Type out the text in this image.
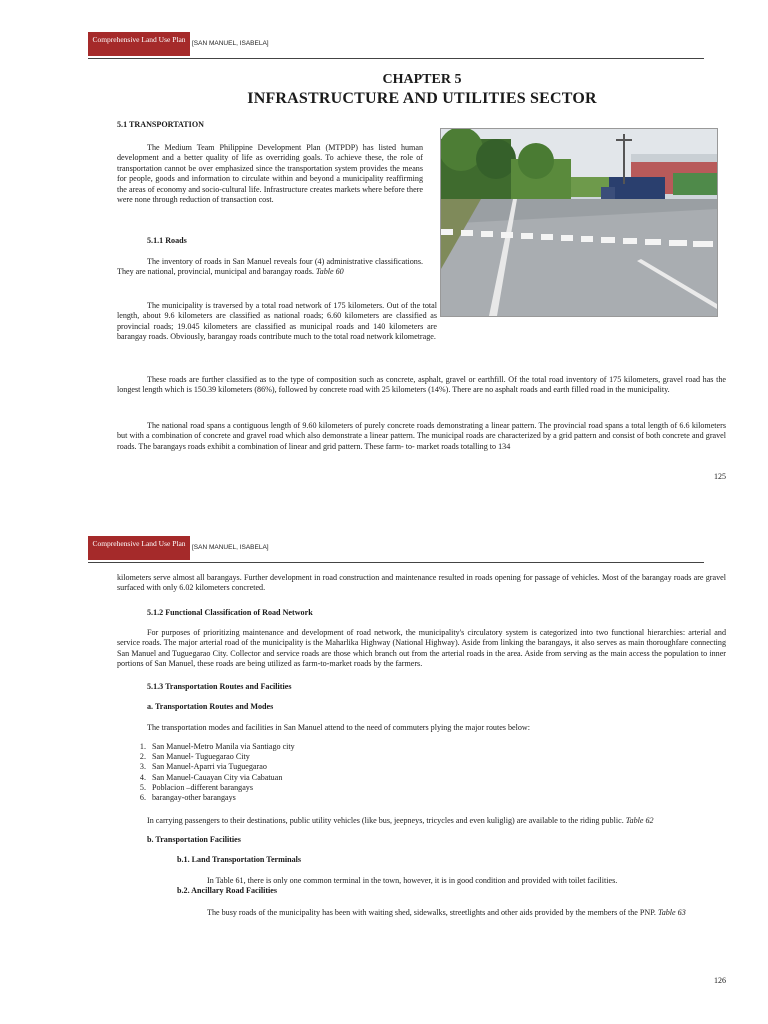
Comprehensive Land Use Plan [SAN MANUEL, ISABELA]
CHAPTER 5
INFRASTRUCTURE AND UTILITIES SECTOR
5.1 TRANSPORTATION
The Medium Team Philippine Development Plan (MTPDP) has listed human development and a better quality of life as overriding goals. To achieve these, the role of transportation cannot be over emphasized since the transportation system provides the means for people, goods and information to circulate within and beyond a municipality reaffirming the areas of economy and socio-cultural life. Infrastructure creates markets where before there were none through reduction of transaction cost.
5.1.1 Roads
The inventory of roads in San Manuel reveals four (4) administrative classifications. They are national, provincial, municipal and barangay roads. Table 60
The municipality is traversed by a total road network of 175 kilometers. Out of the total length, about 9.6 kilometers are classified as national roads; 6.60 kilometers are classified as provincial roads; 19.045 kilometers are classified as municipal roads and 140 kilometers are barangay roads. Obviously, barangay roads contribute much to the total road network kilometrage.
These roads are further classified as to the type of composition such as concrete, asphalt, gravel or earthfill. Of the total road inventory of 175 kilometers, gravel road has the longest length which is 150.39 kilometers (86%), followed by concrete road with 25 kilometers (14%). There are no asphalt roads and earth filled road in the municipality.
The national road spans a contiguous length of 9.60 kilometers of purely concrete roads demonstrating a linear pattern. The provincial road spans a total length of 6.6 kilometers but with a combination of concrete and gravel road which also demonstrate a linear pattern. The municipal roads are characterized by a grid pattern and consist of both concrete and gravel roads. The barangays roads exhibit a combination of linear and grid pattern. These farm- to- market roads totalling to 134
125
Comprehensive Land Use Plan [SAN MANUEL, ISABELA]
kilometers serve almost all barangays. Further development in road construction and maintenance resulted in roads opening for passage of vehicles. Most of the barangay roads are gravel surfaced with only 6.02 kilometers concreted.
5.1.2 Functional Classification of Road Network
For purposes of prioritizing maintenance and development of road network, the municipality's circulatory system is categorized into two functional hierarchies: arterial and service roads. The major arterial road of the municipality is the Maharlika Highway (National Highway). Aside from linking the barangays, it also serves as main thoroughfare connecting San Manuel and Tuguegarao City. Collector and service roads are those which branch out from the arterial roads in the area. Aside from serving as the main access the population to inner portions of San Manuel, these roads are being utilized as farm-to-market roads by the farmers.
5.1.3 Transportation Routes and Facilities
a. Transportation Routes and Modes
The transportation modes and facilities in San Manuel attend to the need of commuters plying the major routes below:
1. San Manuel-Metro Manila via Santiago city
2. San Manuel- Tuguegarao City
3. San Manuel-Aparri via Tuguegarao
4. San Manuel-Cauayan City via Cabatuan
5. Poblacion –different barangays
6. barangay-other barangays
In carrying passengers to their destinations, public utility vehicles (like bus, jeepneys, tricycles and even kuliglig) are available to the riding public. Table 62
b. Transportation Facilities
b.1. Land Transportation Terminals
In Table 61, there is only one common terminal in the town, however, it is in good condition and provided with toilet facilities.
b.2. Ancillary Road Facilities
The busy roads of the municipality has been with waiting shed, sidewalks, streetlights and other aids provided by the members of the PNP. Table 63
126
